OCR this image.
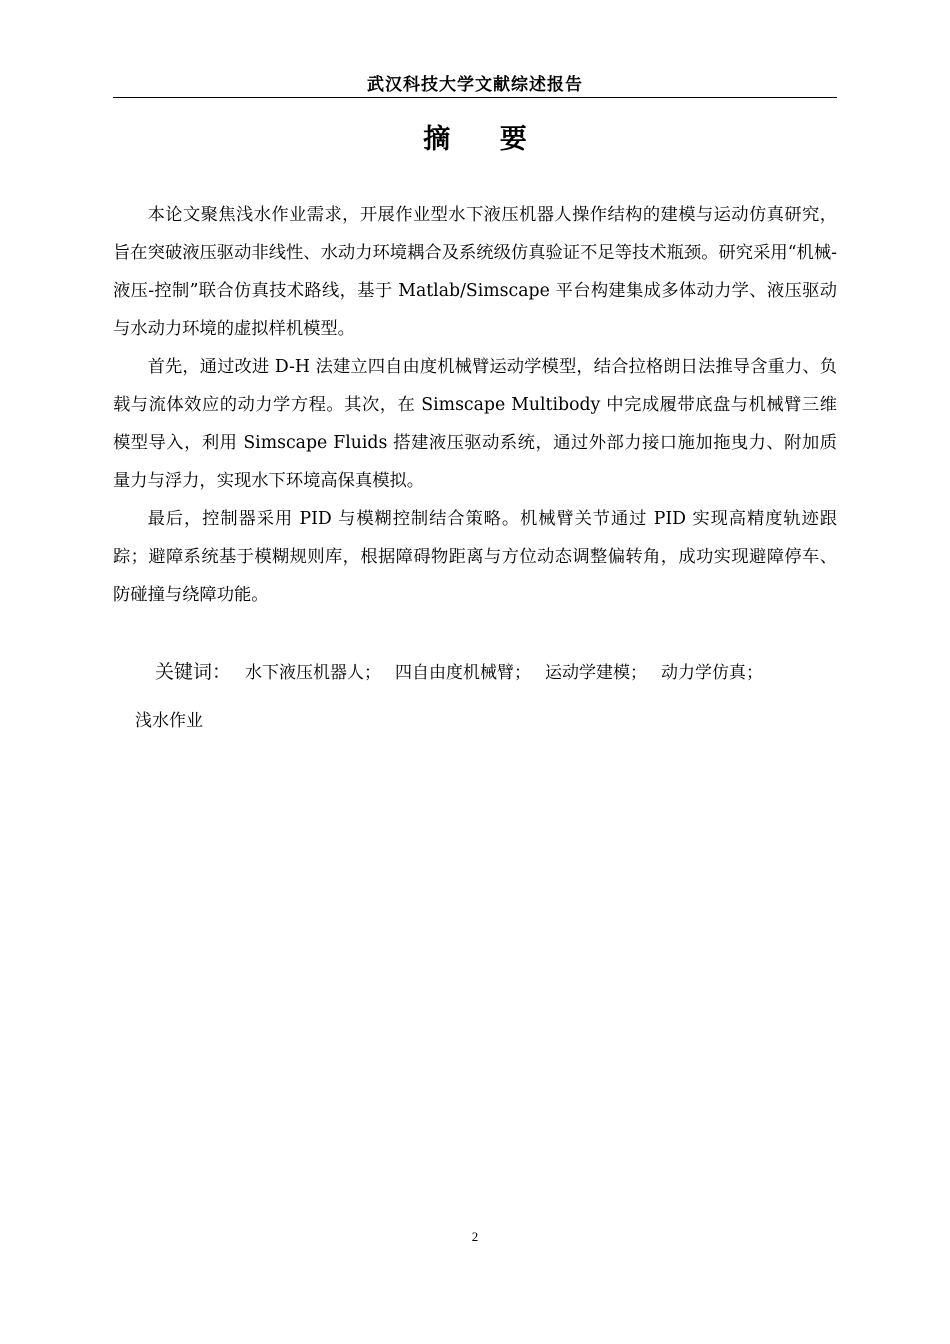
武汉科技大学文献综述报告
摘 要

本论文聚焦浅水作业需求，开展作业型水下液压机器人操作结构的建模与运动仿真研究，旨在突破液压驱动非线性、水动力环境耦合及系统级仿真验证不足等技术瓶颈。研究采用“机械-液压-控制”联合仿真技术路线，基于 Matlab/Simscape 平台构建集成多体动力学、液压驱动与水动力环境的虚拟样机模型。

首先，通过改进 D-H 法建立四自由度机械臂运动学模型，结合拉格朗日法推导含重力、负载与流体效应的动力学方程。其次，在 Simscape Multibody 中完成履带底盘与机械臂三维模型导入，利用 Simscape Fluids 搭建液压驱动系统，通过外部力接口施加拖曳力、附加质量力与浮力，实现水下环境高保真模拟。

最后，控制器采用 PID 与模糊控制结合策略。机械臂关节通过 PID 实现高精度轨迹跟踪；避障系统基于模糊规则库，根据障碍物距离与方位动态调整偏转角，成功实现避障停车、防碰撞与绕障功能。

关键词： 水下液压机器人； 四自由度机械臂； 运动学建模； 动力学仿真；
浅水作业
2
